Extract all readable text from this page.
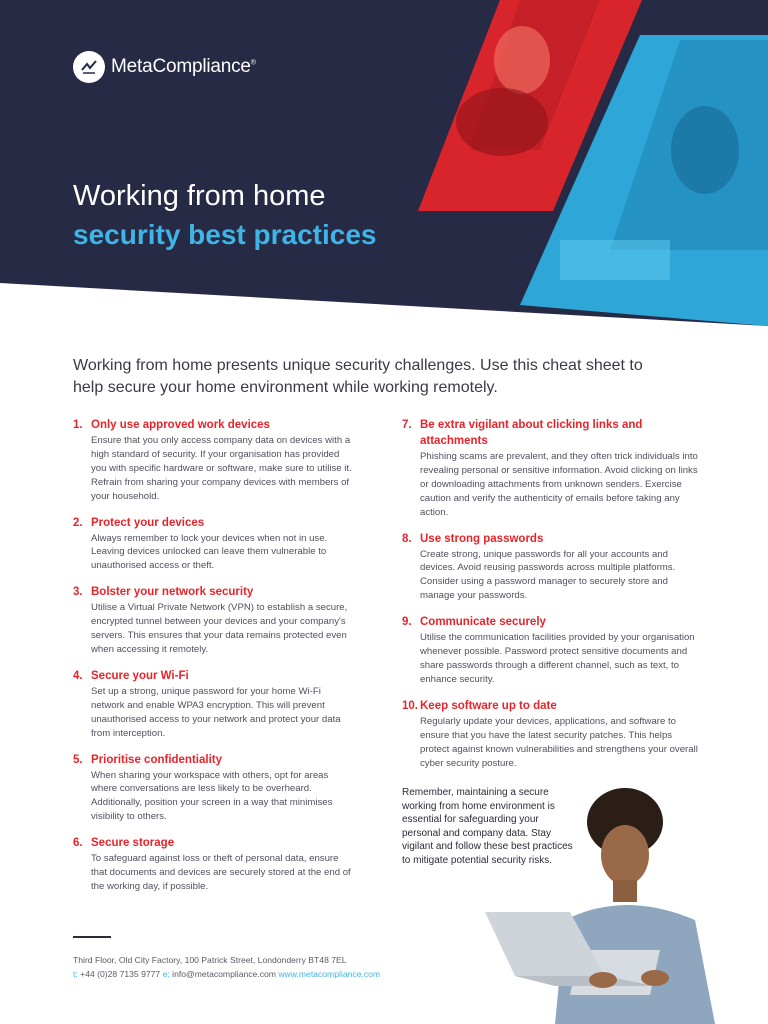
MetaCompliance®
Working from home
security best practices
Working from home presents unique security challenges. Use this cheat sheet to help secure your home environment while working remotely.
1. Only use approved work devices
Ensure that you only access company data on devices with a high standard of security. If your organisation has provided you with specific hardware or software, make sure to utilise it. Refrain from sharing your company devices with members of your household.
2. Protect your devices
Always remember to lock your devices when not in use. Leaving devices unlocked can leave them vulnerable to unauthorised access or theft.
3. Bolster your network security
Utilise a Virtual Private Network (VPN) to establish a secure, encrypted tunnel between your devices and your company's servers. This ensures that your data remains protected even when accessing it remotely.
4. Secure your Wi-Fi
Set up a strong, unique password for your home Wi-Fi network and enable WPA3 encryption. This will prevent unauthorised access to your network and protect your data from interception.
5. Prioritise confidentiality
When sharing your workspace with others, opt for areas where conversations are less likely to be overheard. Additionally, position your screen in a way that minimises visibility to others.
6. Secure storage
To safeguard against loss or theft of personal data, ensure that documents and devices are securely stored at the end of the working day, if possible.
7. Be extra vigilant about clicking links and attachments
Phishing scams are prevalent, and they often trick individuals into revealing personal or sensitive information. Avoid clicking on links or downloading attachments from unknown senders. Exercise caution and verify the authenticity of emails before taking any action.
8. Use strong passwords
Create strong, unique passwords for all your accounts and devices. Avoid reusing passwords across multiple platforms. Consider using a password manager to securely store and manage your passwords.
9. Communicate securely
Utilise the communication facilities provided by your organisation whenever possible. Password protect sensitive documents and share passwords through a different channel, such as text, to enhance security.
10. Keep software up to date
Regularly update your devices, applications, and software to ensure that you have the latest security patches. This helps protect against known vulnerabilities and strengthens your overall cyber security posture.
Remember, maintaining a secure working from home environment is essential for safeguarding your personal and company data. Stay vigilant and follow these best practices to mitigate potential security risks.
Third Floor, Old City Factory, 100 Patrick Street, Londonderry BT48 7EL
t: +44 (0)28 7135 9777 e: info@metacompliance.com www.metacompliance.com
